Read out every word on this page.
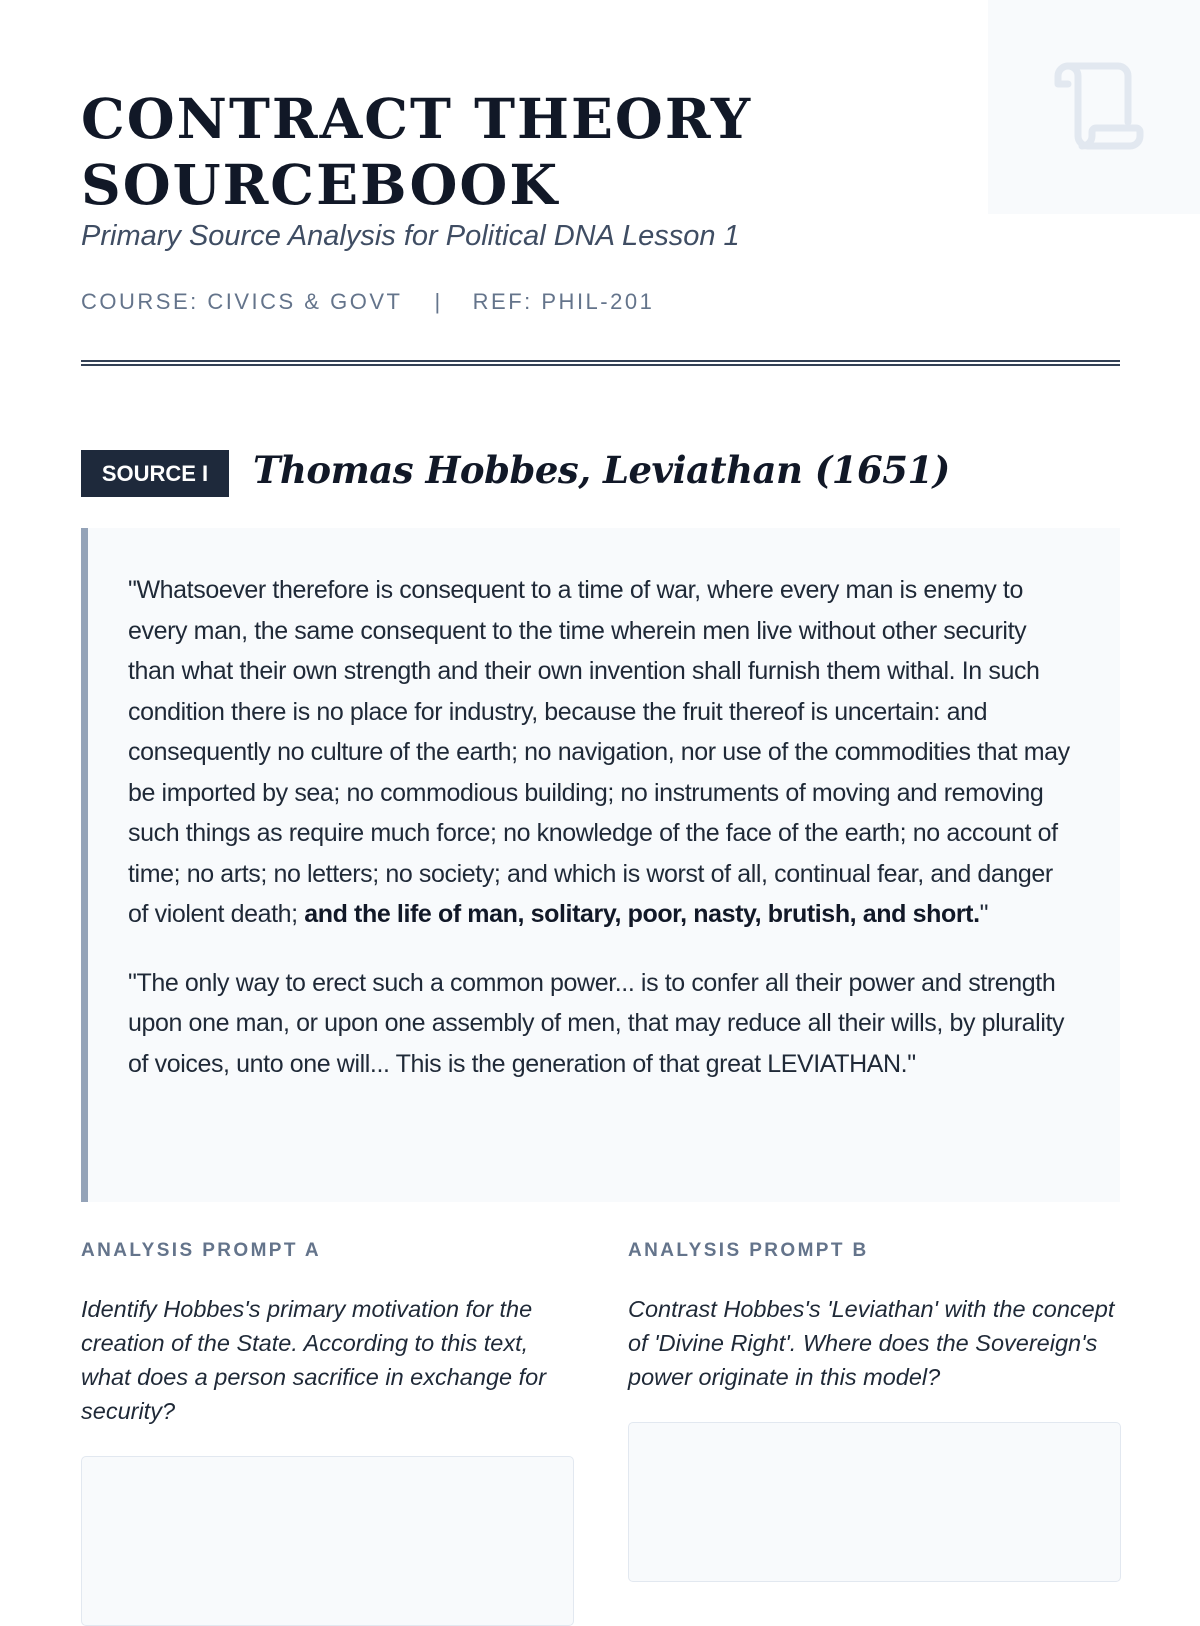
CONTRACT THEORY SOURCEBOOK
Primary Source Analysis for Political DNA Lesson 1
COURSE: CIVICS & GOVT | REF: PHIL-201
SOURCE I	Thomas Hobbes, Leviathan (1651)

"Whatsoever therefore is consequent to a time of war, where every man is enemy to every man, the same consequent to the time wherein men live without other security than what their own strength and their own invention shall furnish them withal. In such condition there is no place for industry, because the fruit thereof is uncertain: and consequently no culture of the earth; no navigation, nor use of the commodities that may be imported by sea; no commodious building; no instruments of moving and removing such things as require much force; no knowledge of the face of the earth; no account of time; no arts; no letters; no society; and which is worst of all, continual fear, and danger of violent death; and the life of man, solitary, poor, nasty, brutish, and short."

"The only way to erect such a common power... is to confer all their power and strength upon one man, or upon one assembly of men, that may reduce all their wills, by plurality of voices, unto one will... This is the generation of that great LEVIATHAN."

ANALYSIS PROMPT A
Identify Hobbes's primary motivation for the creation of the State. According to this text, what does a person sacrifice in exchange for security?
ANALYSIS PROMPT B
Contrast Hobbes's 'Leviathan' with the concept of 'Divine Right'. Where does the Sovereign's power originate in this model?
